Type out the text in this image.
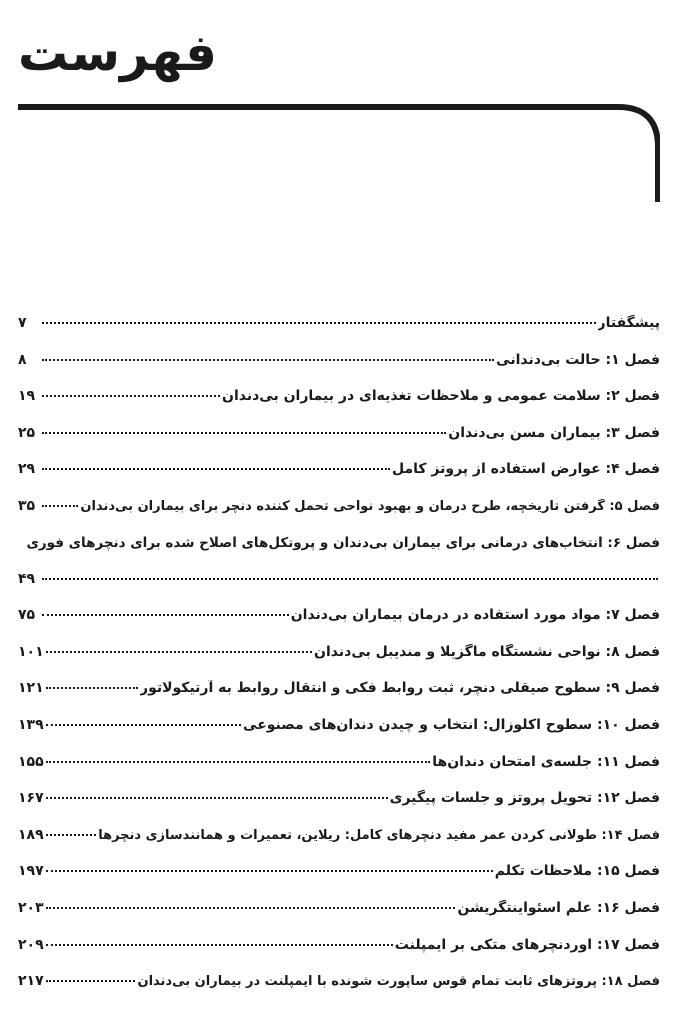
فهرست
پیشگفتار
۷
فصل ۱: حالت بی‌دندانی
۸
فصل ۲: سلامت عمومی و ملاحظات تغذیه‌ای در بیماران بی‌دندان
۱۹
فصل ۳: بیماران مسن بی‌دندان
۲۵
فصل ۴: عوارض استفاده از پروتز کامل
۲۹
فصل ۵: گرفتن تاریخچه، طرح درمان و بهبود نواحی تحمل کننده دنچر برای بیماران بی‌دندان
۳۵
فصل ۶: انتخاب‌های درمانی برای بیماران بی‌دندان و پروتکل‌های اصلاح شده برای دنچرهای فوری
۴۹
فصل ۷: مواد مورد استفاده در درمان بیماران بی‌دندان
۷۵
فصل ۸: نواحی نشستگاه ماگزیلا و مندیبل بی‌دندان
۱۰۱
فصل ۹: سطوح صیقلی دنچر، ثبت روابط فکی و انتقال روابط به آرتیکولاتور
۱۲۱
فصل ۱۰: سطوح اکلوزال: انتخاب و چیدن دندان‌های مصنوعی
۱۳۹
فصل ۱۱: جلسه‌ی امتحان دندان‌ها
۱۵۵
فصل ۱۲: تحویل پروتز و جلسات پیگیری
۱۶۷
فصل ۱۴: طولانی کردن عمر مفید دنچرهای کامل: ریلاین، تعمیرات و همانندسازی دنچرها
۱۸۹
فصل ۱۵: ملاحظات تکلم
۱۹۷
فصل ۱۶: علم اسئواینتگریشن
۲۰۳
فصل ۱۷: اوردنچرهای متکی بر ایمپلنت
۲۰۹
فصل ۱۸: پروتزهای ثابت تمام قوس ساپورت شونده با ایمپلنت در بیماران بی‌دندان
۲۱۷
